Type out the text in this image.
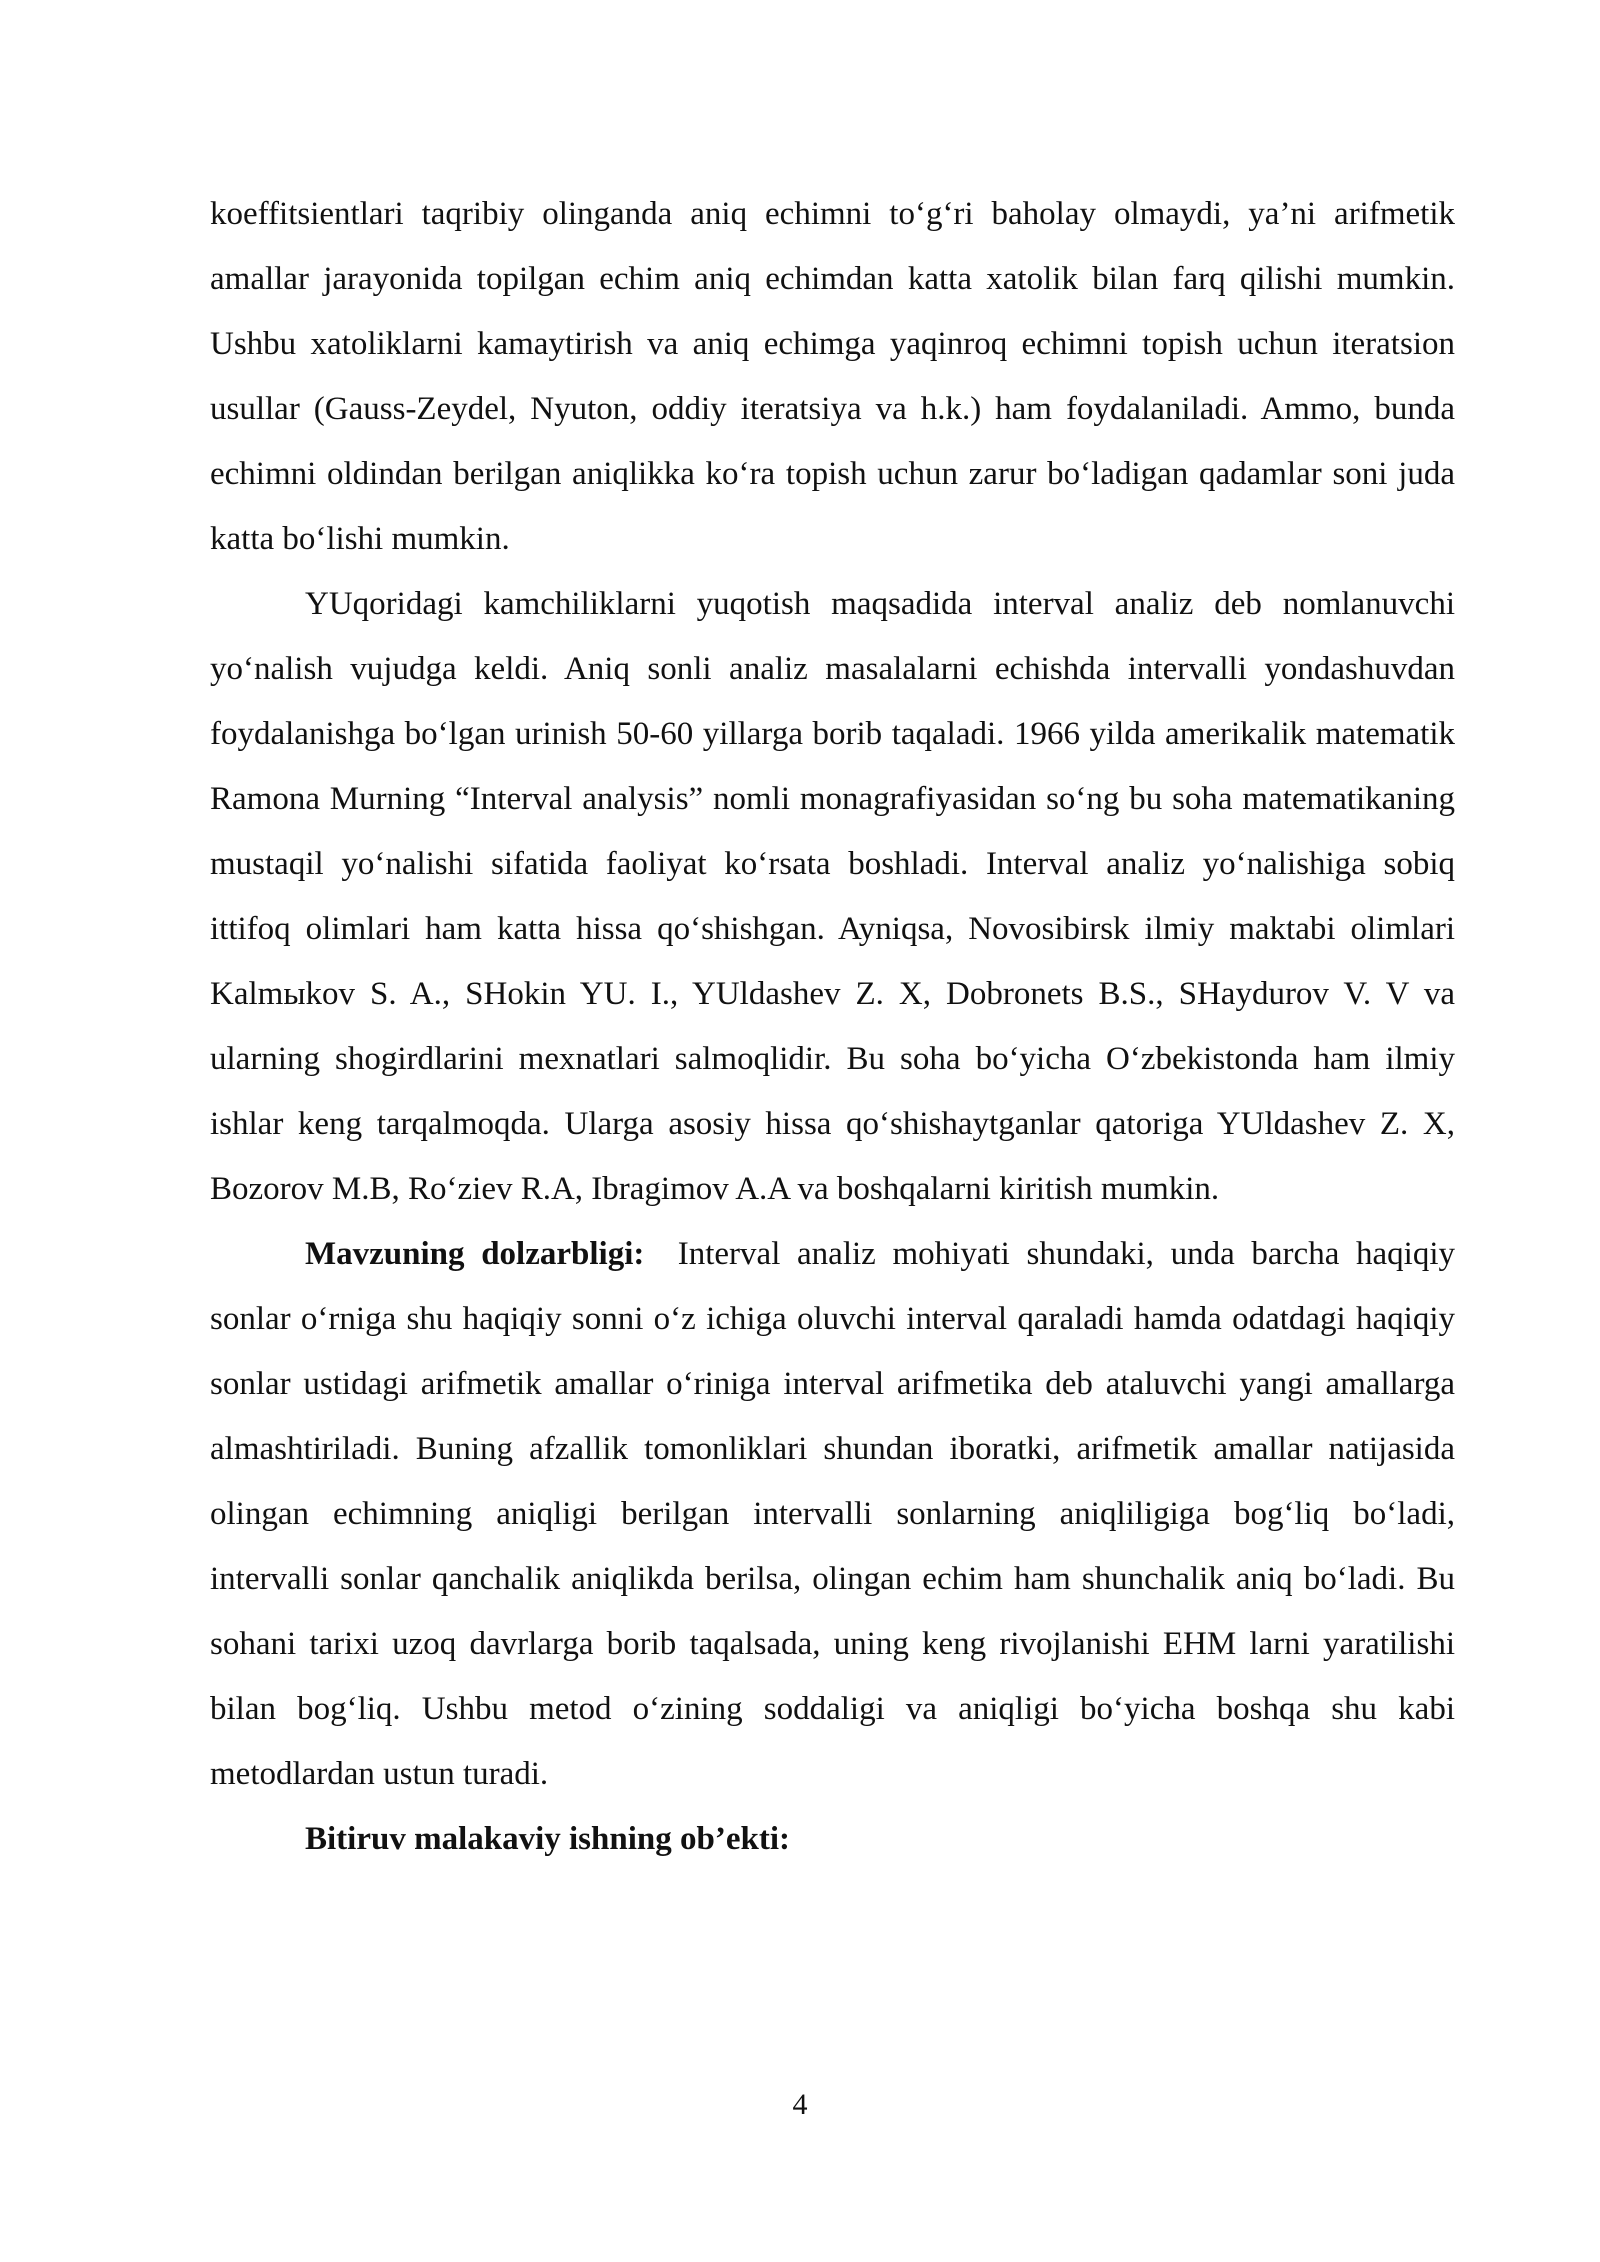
koeffitsientlari taqribiy olinganda aniq echimni to‘g‘ri baholay olmaydi, ya’ni arifmetik amallar jarayonida topilgan echim aniq echimdan katta xatolik bilan farq qilishi mumkin. Ushbu xatoliklarni kamaytirish va aniq echimga yaqinroq echimni topish uchun iteratsion usullar (Gauss-Zeydel, Nyuton, oddiy iteratsiya va h.k.) ham foydalaniladi. Ammo, bunda echimni oldindan berilgan aniqlikka ko‘ra topish uchun zarur bo‘ladigan qadamlar soni juda katta bo‘lishi mumkin.

YUqoridagi kamchiliklarni yuqotish maqsadida interval analiz deb nomlanuvchi yo‘nalish vujudga keldi. Aniq sonli analiz masalalarni echishda intervalli yondashuvdan foydalanishga bo‘lgan urinish 50-60 yillarga borib taqaladi. 1966 yilda amerikalik matematik Ramona Murning “Interval analysis” nomli monagrafiyasidan so‘ng bu soha matematikaning mustaqil yo‘nalishi sifatida faoliyat ko‘rsata boshladi. Interval analiz yo‘nalishiga sobiq ittifoq olimlari ham katta hissa qo‘shishgan. Ayniqsa, Novosibirsk ilmiy maktabi olimlari Kalmыkov S. A., SHokin YU. I., YUldashev Z. X, Dobronets B.S., SHaydurov V. V va ularning shogirdlarini mexnatlari salmoqlidir. Bu soha bo‘yicha O‘zbekistonda ham ilmiy ishlar keng tarqalmoqda. Ularga asosiy hissa qo‘shishaytganlar qatoriga YUldashev Z. X, Bozorov M.B, Ro‘ziev R.A, Ibragimov A.A va boshqalarni kiritish mumkin.

Mavzuning dolzarbligi: Interval analiz mohiyati shundaki, unda barcha haqiqiy sonlar o‘rniga shu haqiqiy sonni o‘z ichiga oluvchi interval qaraladi hamda odatdagi haqiqiy sonlar ustidagi arifmetik amallar o‘riniga interval arifmetika deb ataluvchi yangi amallarga almashtiriladi. Buning afzallik tomonliklari shundan iboratki, arifmetik amallar natijasida olingan echimning aniqligi berilgan intervalli sonlarning aniqliligiga bog‘liq bo‘ladi, intervalli sonlar qanchalik aniqlikda berilsa, olingan echim ham shunchalik aniq bo‘ladi. Bu sohani tarixi uzoq davrlarga borib taqalsada, uning keng rivojlanishi EHM larni yaratilishi bilan bog‘liq. Ushbu metod o‘zining soddaligi va aniqligi bo‘yicha boshqa shu kabi metodlardan ustun turadi.

Bitiruv malakaviy ishning ob’ekti:

4
